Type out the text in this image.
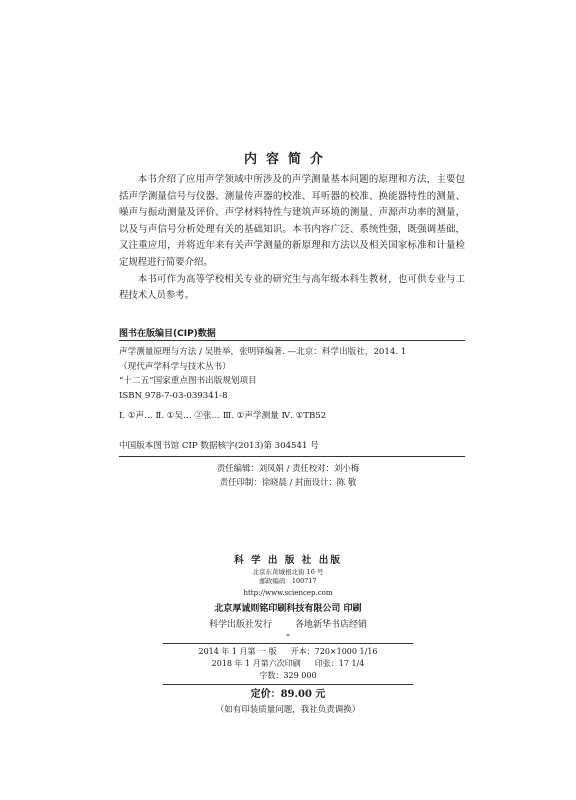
内容简介

本书介绍了应用声学领域中所涉及的声学测量基本问题的原理和方法，主要包括声学测量信号与仪器、测量传声器的校准、耳听器的校准、换能器特性的测量、噪声与振动测量及评价、声学材料特性与建筑声环境的测量、声源声功率的测量，以及与声信号分析处理有关的基础知识。本书内容广泛、系统性强，既强调基础，又注重应用，并将近年来有关声学测量的新原理和方法以及相关国家标准和计量检定规程进行简要介绍。

本书可作为高等学校相关专业的研究生与高年级本科生教材，也可供专业与工程技术人员参考。

图书在版编目(CIP)数据
声学测量原理与方法 / 吴胜举，张明铎编著. —北京：科学出版社，2014. 1
（现代声学科学与技术丛书）
“十二五”国家重点图书出版规划项目
ISBN 978-7-03-039341-8
Ⅰ. ①声… Ⅱ. ①吴… ②张… Ⅲ. ①声学测量 Ⅳ. ①TB52
中国版本图书馆 CIP 数据核字(2013)第 304541 号
责任编辑：刘凤娟 / 责任校对：刘小梅
责任印制：徐晓晨 / 封面设计：陈 敬
科 学 出 版 社 出版
北京东黄城根北街 16 号
邮政编码：100717
http://www.sciencep.com
北京厚诚则铭印刷科技有限公司 印刷
科学出版社发行	各地新华书店经销
*
2014 年 1 月第 一 版 开本：720×1000 1/16
2018 年 1 月第六次印刷 印张：17 1/4
字数：329 000
定价：89.00 元
（如有印装质量问题，我社负责调换）
